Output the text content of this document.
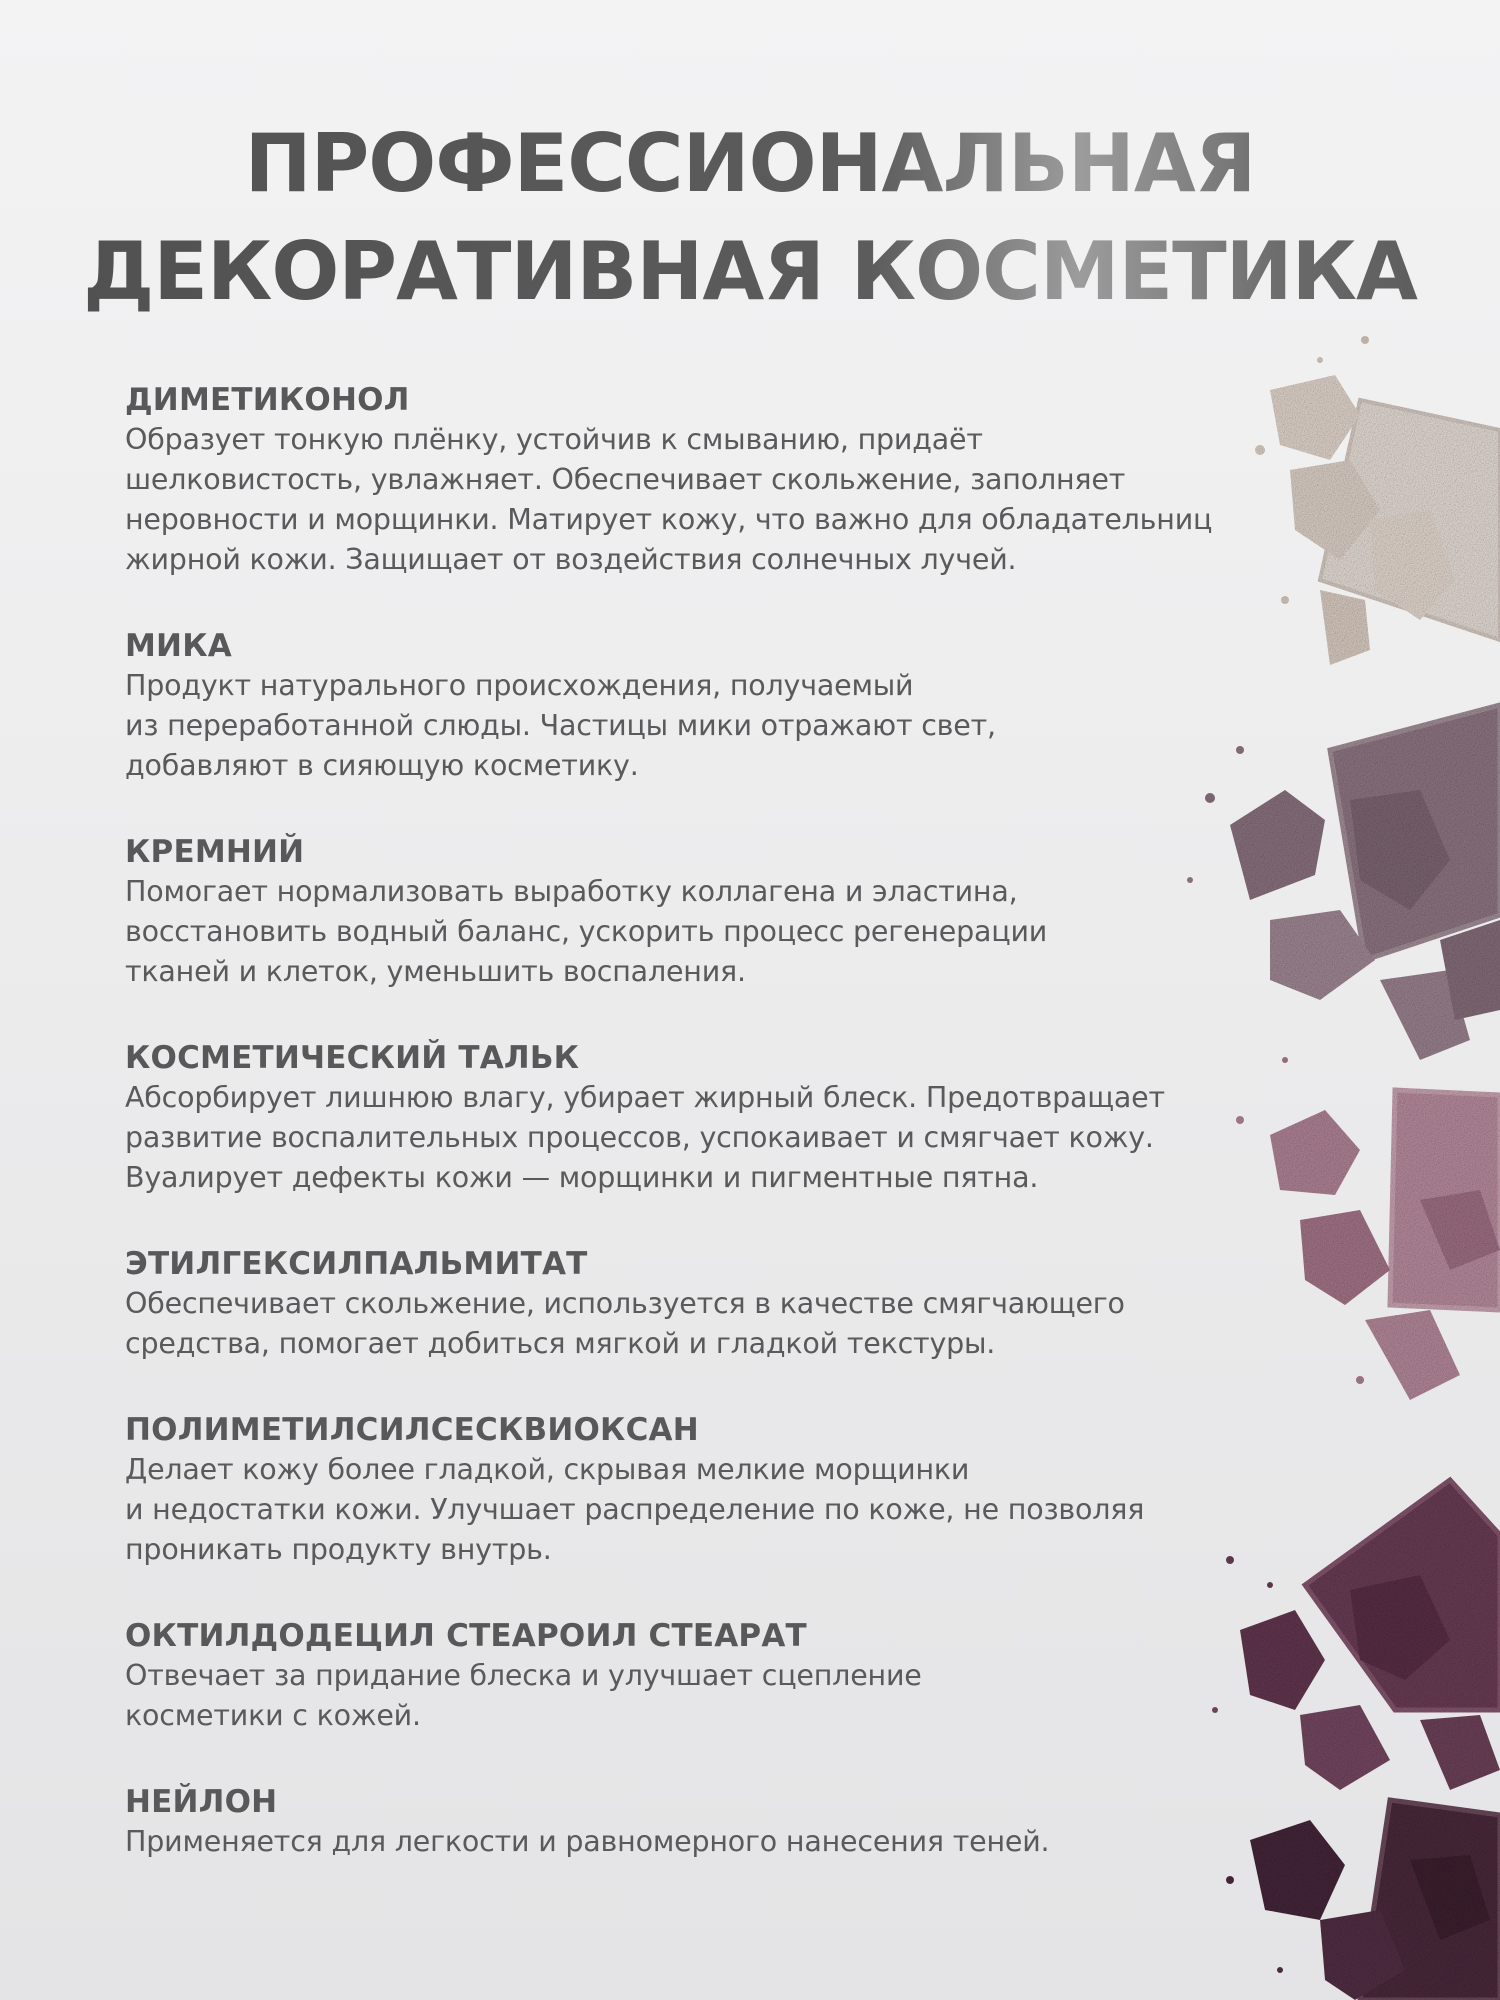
ПРОФЕССИОНАЛЬНАЯ
ДЕКОРАТИВНАЯ КОСМЕТИКА
ДИМЕТИКОНОЛ
Образует тонкую плёнку, устойчив к смыванию, придаёт
шелковистость, увлажняет. Обеспечивает скольжение, заполняет
неровности и морщинки. Матирует кожу, что важно для обладательниц
жирной кожи. Защищает от воздействия солнечных лучей.
МИКА
Продукт натурального происхождения, получаемый
из переработанной слюды. Частицы мики отражают свет,
добавляют в сияющую косметику.
КРЕМНИЙ
Помогает нормализовать выработку коллагена и эластина,
восстановить водный баланс, ускорить процесс регенерации
тканей и клеток, уменьшить воспаления.
КОСМЕТИЧЕСКИЙ ТАЛЬК
Абсорбирует лишнюю влагу, убирает жирный блеск. Предотвращает
развитие воспалительных процессов, успокаивает и смягчает кожу.
Вуалирует дефекты кожи — морщинки и пигментные пятна.
ЭТИЛГЕКСИЛПАЛЬМИТАТ
Обеспечивает скольжение, используется в качестве смягчающего
средства, помогает добиться мягкой и гладкой текстуры.
ПОЛИМЕТИЛСИЛСЕСКВИОКСАН
Делает кожу более гладкой, скрывая мелкие морщинки
и недостатки кожи. Улучшает распределение по коже, не позволяя
проникать продукту внутрь.
ОКТИЛДОДЕЦИЛ СТЕАРОИЛ СТЕАРАТ
Отвечает за придание блеска и улучшает сцепление
косметики с кожей.
НЕЙЛОН
Применяется для легкости и равномерного нанесения теней.
